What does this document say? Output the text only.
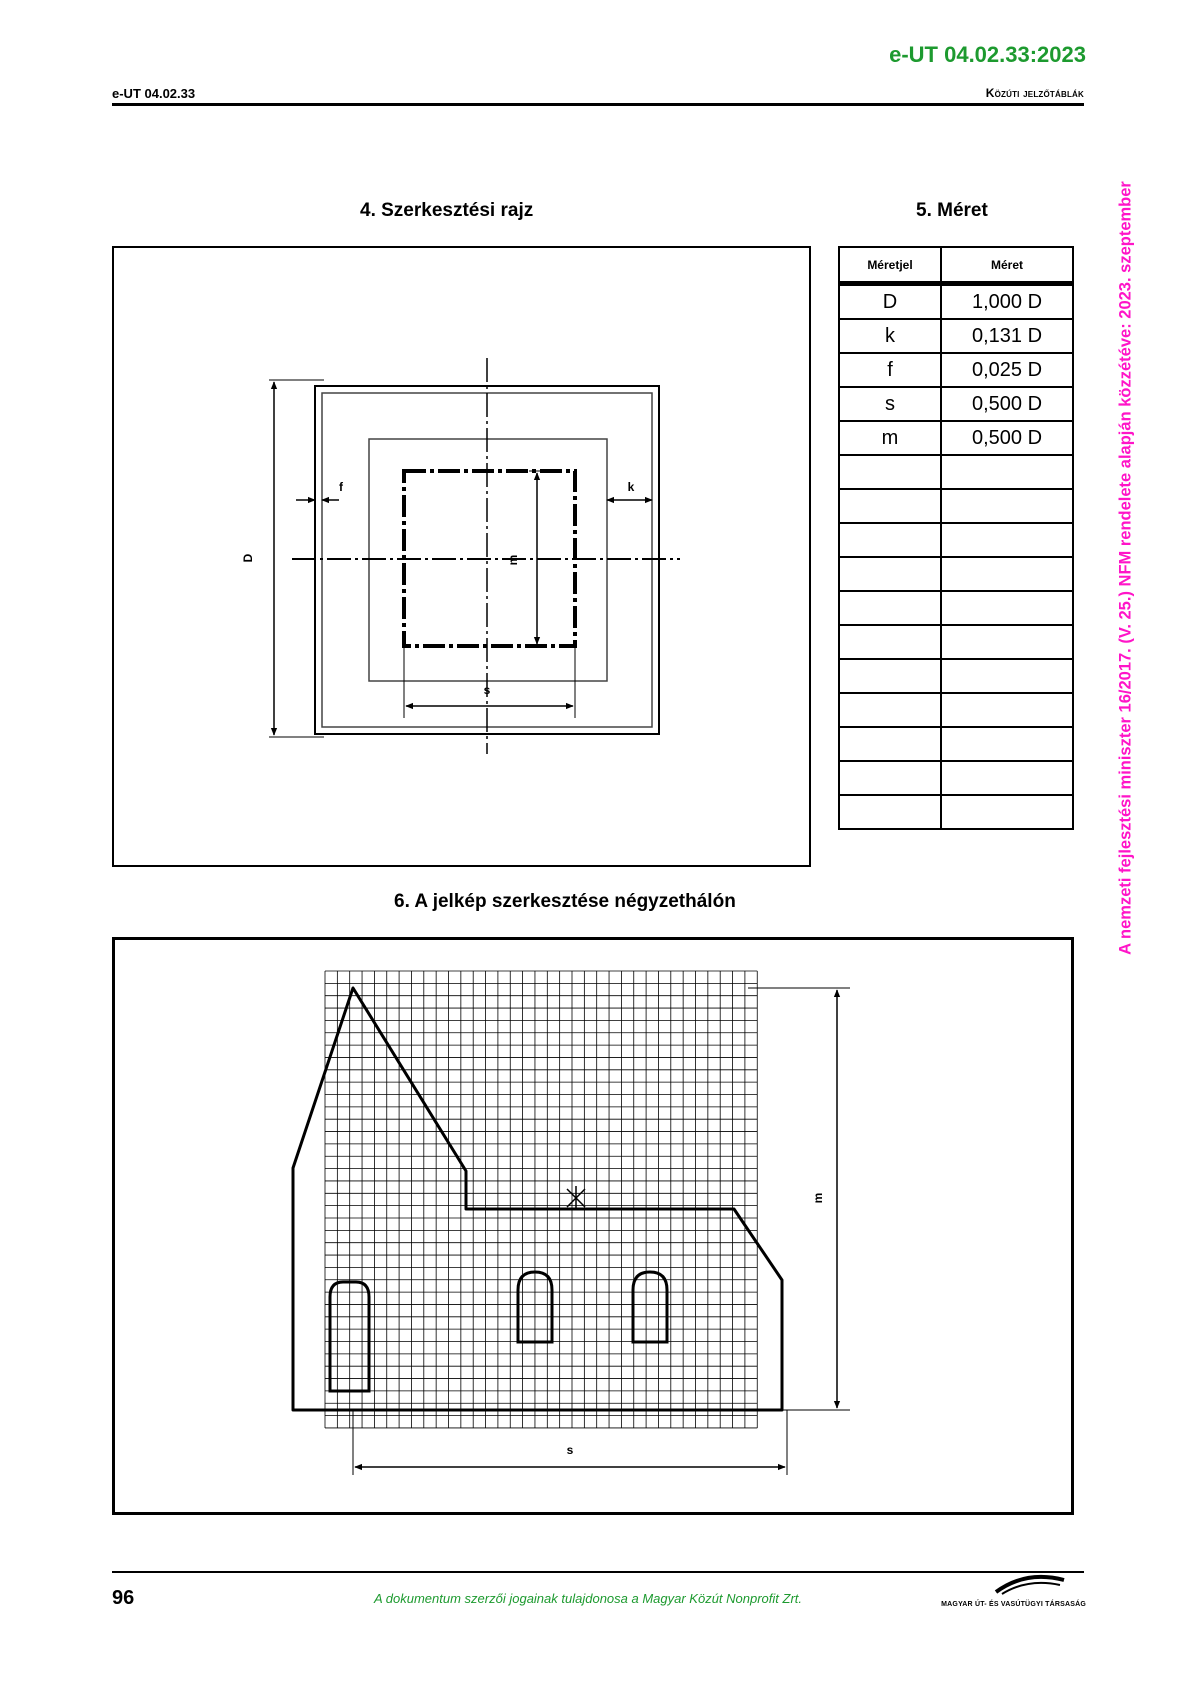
e-UT 04.02.33:2023
e-UT 04.02.33	Közúti jelzőtáblák
A nemzeti fejlesztési miniszter 16/2017. (V. 25.) NFM rendelete alapján közzétéve: 2023. szeptember
4. Szerkesztési rajz
D
f	k
m
s
5. Méret
Méretjel	Méret
D	1,000 D
k	0,131 D
f	0,025 D
s	0,500 D
m	0,500 D

6. A jelkép szerkesztése négyzethálón
m
s
96	A dokumentum szerzői jogainak tulajdonosa a Magyar Közút Nonprofit Zrt.	MAGYAR ÚT- ÉS VASÚTÜGYI TÁRSASÁG
